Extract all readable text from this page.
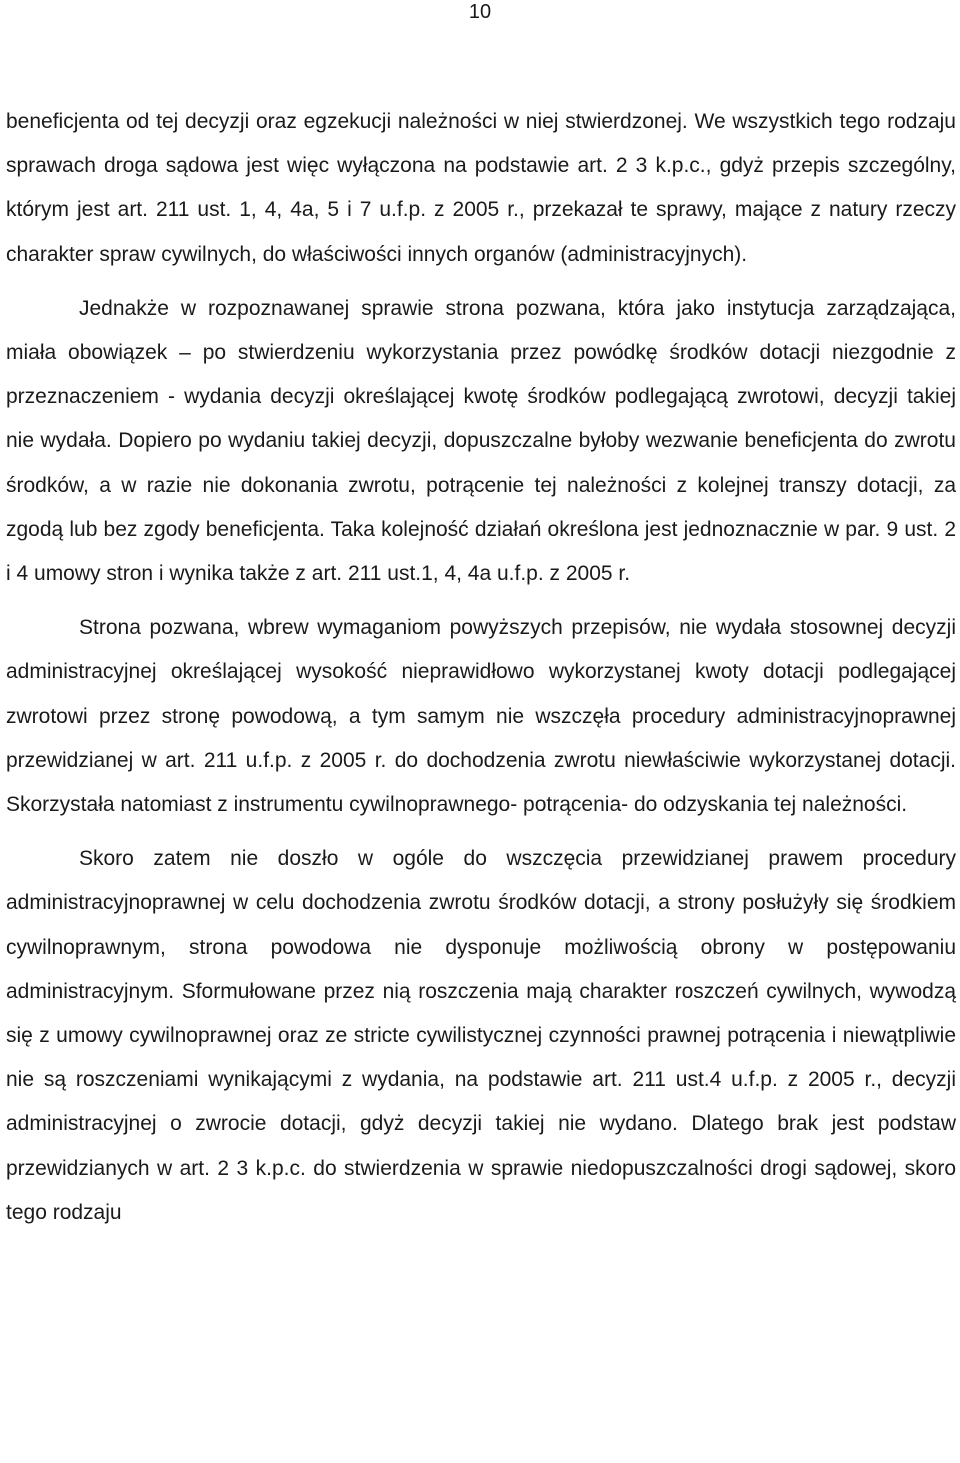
10

beneficjenta od tej decyzji oraz egzekucji należności w niej stwierdzonej. We wszystkich tego rodzaju sprawach droga sądowa jest więc wyłączona na podstawie art. 2 3 k.p.c., gdyż przepis szczególny, którym jest art. 211 ust. 1, 4, 4a, 5 i 7 u.f.p. z 2005 r., przekazał te sprawy, mające z natury rzeczy charakter spraw cywilnych, do właściwości innych organów (administracyjnych).

Jednakże w rozpoznawanej sprawie strona pozwana, która jako instytucja zarządzająca, miała obowiązek – po stwierdzeniu wykorzystania przez powódkę środków dotacji niezgodnie z przeznaczeniem - wydania decyzji określającej kwotę środków podlegającą zwrotowi, decyzji takiej nie wydała. Dopiero po wydaniu takiej decyzji, dopuszczalne byłoby wezwanie beneficjenta do zwrotu środków, a w razie nie dokonania zwrotu, potrącenie tej należności z kolejnej transzy dotacji, za zgodą lub bez zgody beneficjenta. Taka kolejność działań określona jest jednoznacznie w par. 9 ust. 2 i 4 umowy stron i wynika także z art. 211 ust.1, 4, 4a u.f.p. z 2005 r.

Strona pozwana, wbrew wymaganiom powyższych przepisów, nie wydała stosownej decyzji administracyjnej określającej wysokość nieprawidłowo wykorzystanej kwoty dotacji podlegającej zwrotowi przez stronę powodową, a tym samym nie wszczęła procedury administracyjnoprawnej przewidzianej w art. 211 u.f.p. z 2005 r. do dochodzenia zwrotu niewłaściwie wykorzystanej dotacji. Skorzystała natomiast z instrumentu cywilnoprawnego- potrącenia- do odzyskania tej należności.

Skoro zatem nie doszło w ogóle do wszczęcia przewidzianej prawem procedury administracyjnoprawnej w celu dochodzenia zwrotu środków dotacji, a strony posłużyły się środkiem cywilnoprawnym, strona powodowa nie dysponuje możliwością obrony w postępowaniu administracyjnym. Sformułowane przez nią roszczenia mają charakter roszczeń cywilnych, wywodzą się z umowy cywilnoprawnej oraz ze stricte cywilistycznej czynności prawnej potrącenia i niewątpliwie nie są roszczeniami wynikającymi z wydania, na podstawie art. 211 ust.4 u.f.p. z 2005 r., decyzji administracyjnej o zwrocie dotacji, gdyż decyzji takiej nie wydano. Dlatego brak jest podstaw przewidzianych w art. 2 3 k.p.c. do stwierdzenia w sprawie niedopuszczalności drogi sądowej, skoro tego rodzaju
